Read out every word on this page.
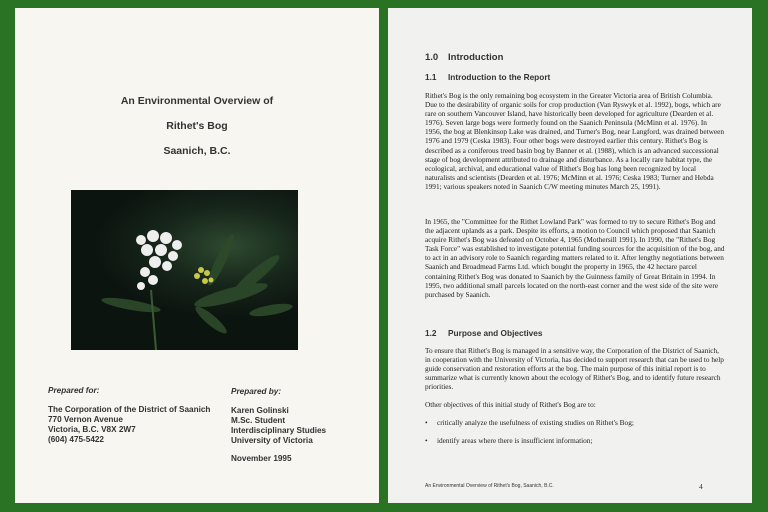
An Environmental Overview of
Rithet's Bog
Saanich, B.C.
Prepared for:
The Corporation of the District of Saanich
770 Vernon Avenue
Victoria, B.C. V8X 2W7
(604) 475-5422
Prepared by:
Karen Golinski
M.Sc. Student
Interdisciplinary Studies
University of Victoria
November 1995
1.0 Introduction
1.1 Introduction to the Report
Rithet's Bog is the only remaining bog ecosystem in the Greater Victoria area of British Columbia. Due to the desirability of organic soils for crop production (Van Ryswyk et al. 1992), bogs, which are rare on southern Vancouver Island, have historically been developed for agriculture (Dearden et al. 1976). Seven large bogs were formerly found on the Saanich Peninsula (McMinn et al. 1976). In 1956, the bog at Blenkinsop Lake was drained, and Turner's Bog, near Langford, was drained between 1976 and 1979 (Ceska 1983). Four other bogs were destroyed earlier this century. Rithet's Bog is described as a coniferous treed basin bog by Banner et al. (1988), which is an advanced successional stage of bog development attributed to drainage and disturbance. As a locally rare habitat type, the ecological, archival, and educational value of Rithet's Bog has long been recognized by local naturalists and scientists (Dearden et al. 1976; McMinn et al. 1976; Ceska 1983; Turner and Hebda 1991; various speakers noted in Saanich C/W meeting minutes March 25, 1991).
In 1965, the "Committee for the Rithet Lowland Park" was formed to try to secure Rithet's Bog and the adjacent uplands as a park. Despite its efforts, a motion to Council which proposed that Saanich acquire Rithet's Bog was defeated on October 4, 1965 (Mothersill 1991). In 1990, the "Rithet's Bog Task Force" was established to investigate potential funding sources for the acquisition of the bog, and to act in an advisory role to Saanich regarding matters related to it. After lengthy negotiations between Saanich and Broadmead Farms Ltd. which bought the property in 1965, the 42 hectare parcel containing Rithet's Bog was donated to Saanich by the Guinness family of Great Britain in 1994. In 1995, two additional small parcels located on the north-east corner and the west side of the site were purchased by Saanich.
1.2 Purpose and Objectives
To ensure that Rithet's Bog is managed in a sensitive way, the Corporation of the District of Saanich, in cooperation with the University of Victoria, has decided to support research that can be used to help guide conservation and restoration efforts at the bog. The main purpose of this initial report is to summarize what is currently known about the ecology of Rithet's Bog, and to identify future research priorities.
Other objectives of this initial study of Rithet's Bog are to:
• critically analyze the usefulness of existing studies on Rithet's Bog;
• identify areas where there is insufficient information;
An Environmental Overview of Rithet's Bog, Saanich, B.C.	4
